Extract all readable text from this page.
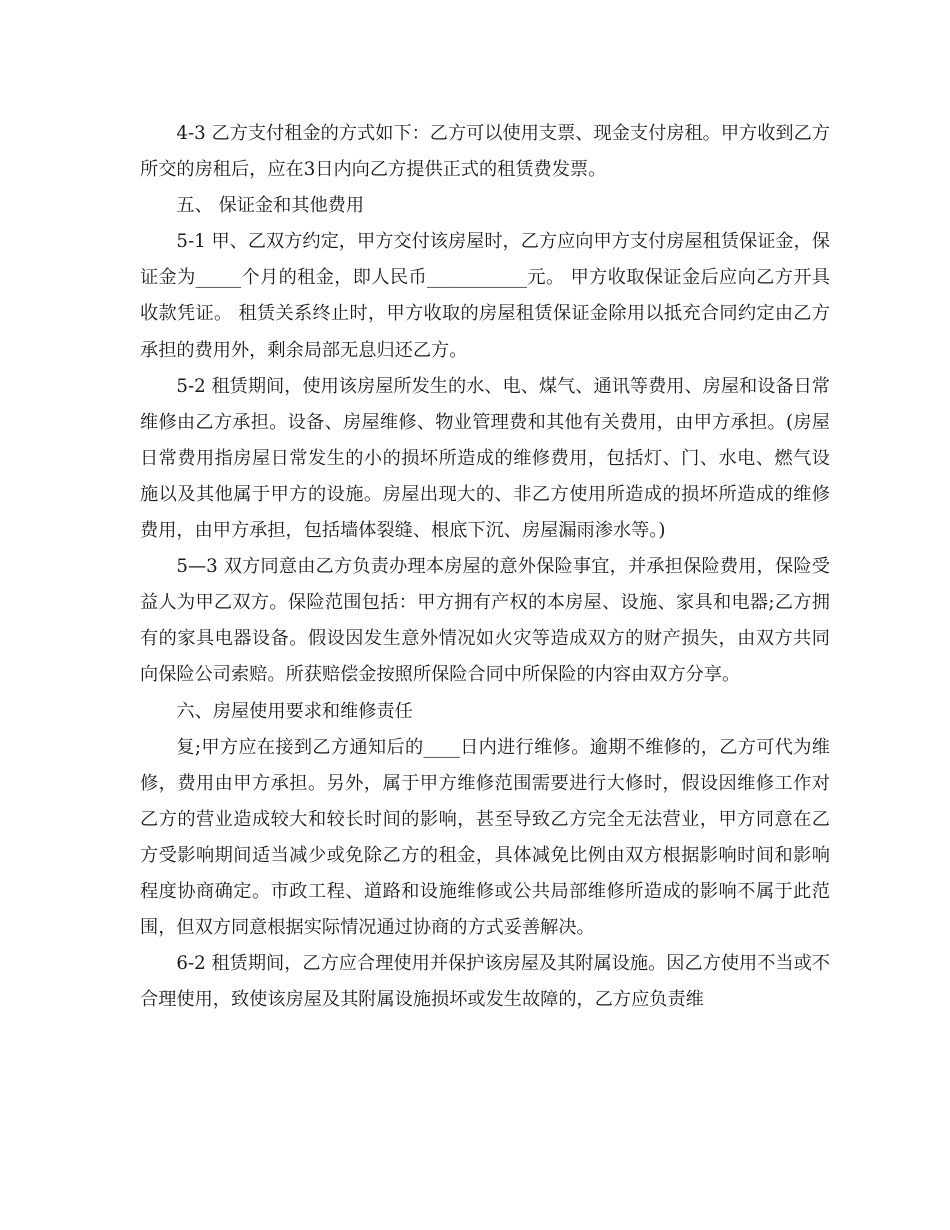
4-3 乙方支付租金的方式如下：乙方可以使用支票、现金支付房租。甲方收到乙方所交的房租后，应在3日内向乙方提供正式的租赁费发票。

五、 保证金和其他费用

5-1 甲、乙双方约定，甲方交付该房屋时，乙方应向甲方支付房屋租赁保证金，保证金为_____个月的租金，即人民币___________元。 甲方收取保证金后应向乙方开具收款凭证。 租赁关系终止时，甲方收取的房屋租赁保证金除用以抵充合同约定由乙方承担的费用外，剩余局部无息归还乙方。

5-2 租赁期间，使用该房屋所发生的水、电、煤气、通讯等费用、房屋和设备日常维修由乙方承担。设备、房屋维修、物业管理费和其他有关费用，由甲方承担。(房屋日常费用指房屋日常发生的小的损坏所造成的维修费用，包括灯、门、水电、燃气设施以及其他属于甲方的设施。房屋出现大的、非乙方使用所造成的损坏所造成的维修费用，由甲方承担，包括墙体裂缝、根底下沉、房屋漏雨渗水等。)

5—3 双方同意由乙方负责办理本房屋的意外保险事宜，并承担保险费用，保险受益人为甲乙双方。保险范围包括：甲方拥有产权的本房屋、设施、家具和电器;乙方拥有的家具电器设备。假设因发生意外情况如火灾等造成双方的财产损失，由双方共同向保险公司索赔。所获赔偿金按照所保险合同中所保险的内容由双方分享。

六、房屋使用要求和维修责任

复;甲方应在接到乙方通知后的____日内进行维修。逾期不维修的，乙方可代为维修，费用由甲方承担。另外，属于甲方维修范围需要进行大修时，假设因维修工作对乙方的营业造成较大和较长时间的影响，甚至导致乙方完全无法营业，甲方同意在乙方受影响期间适当减少或免除乙方的租金，具体减免比例由双方根据影响时间和影响程度协商确定。市政工程、道路和设施维修或公共局部维修所造成的影响不属于此范围，但双方同意根据实际情况通过协商的方式妥善解决。

6-2 租赁期间，乙方应合理使用并保护该房屋及其附属设施。因乙方使用不当或不合理使用，致使该房屋及其附属设施损坏或发生故障的，乙方应负责维
